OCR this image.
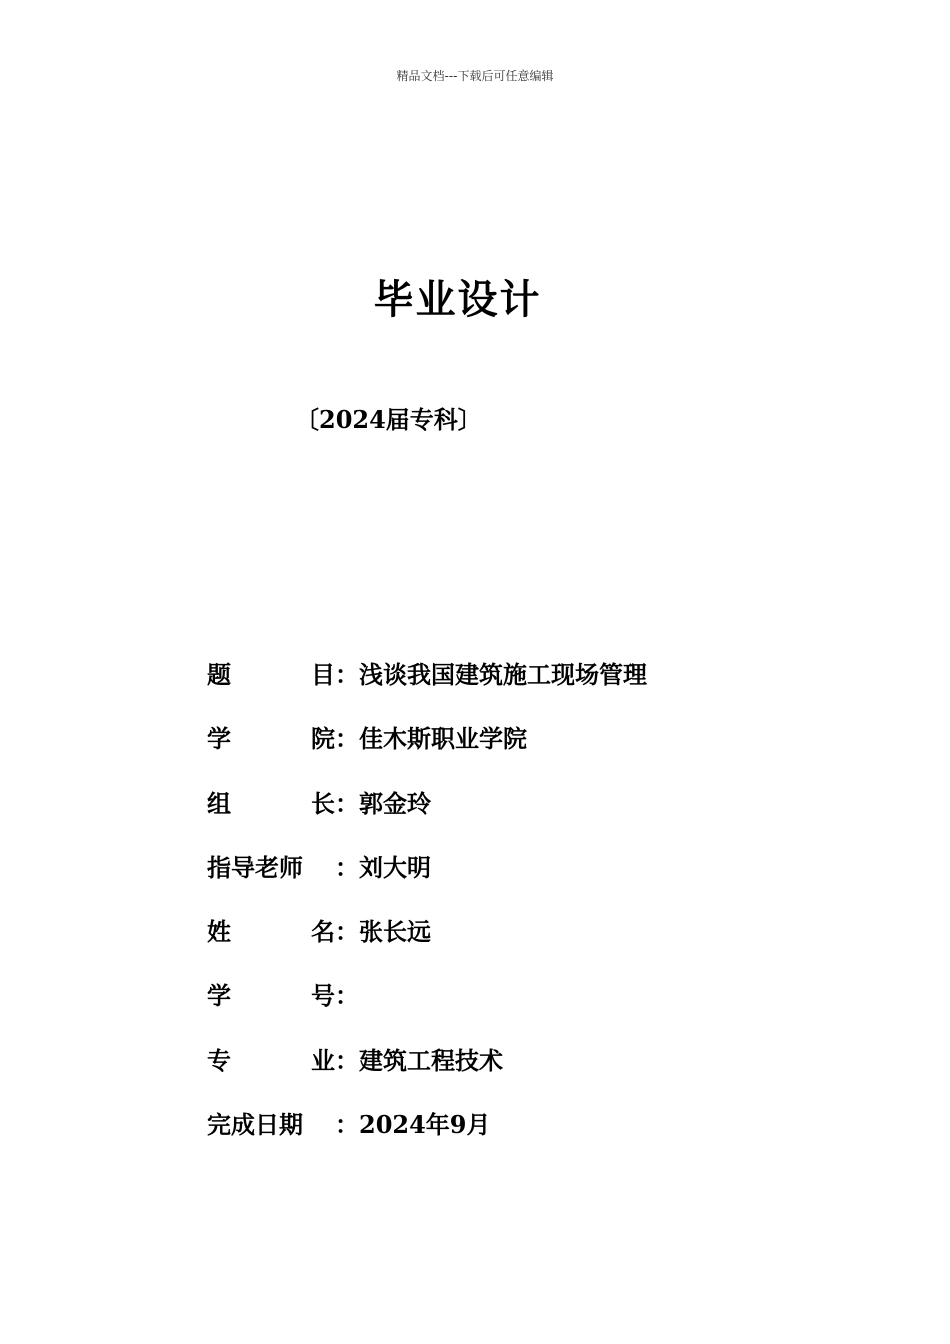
精品文档---下载后可任意编辑
毕业设计
〔2024届专科〕
题	目 ： 浅谈我国建筑施工现场管理
学	院 ： 佳木斯职业学院
组	长 ： 郭金玲
指导老师	： 刘大明
姓	名 ： 张长远
学	号 ：
专	业 ： 建筑工程技术
完成日期	： 2024年9月
